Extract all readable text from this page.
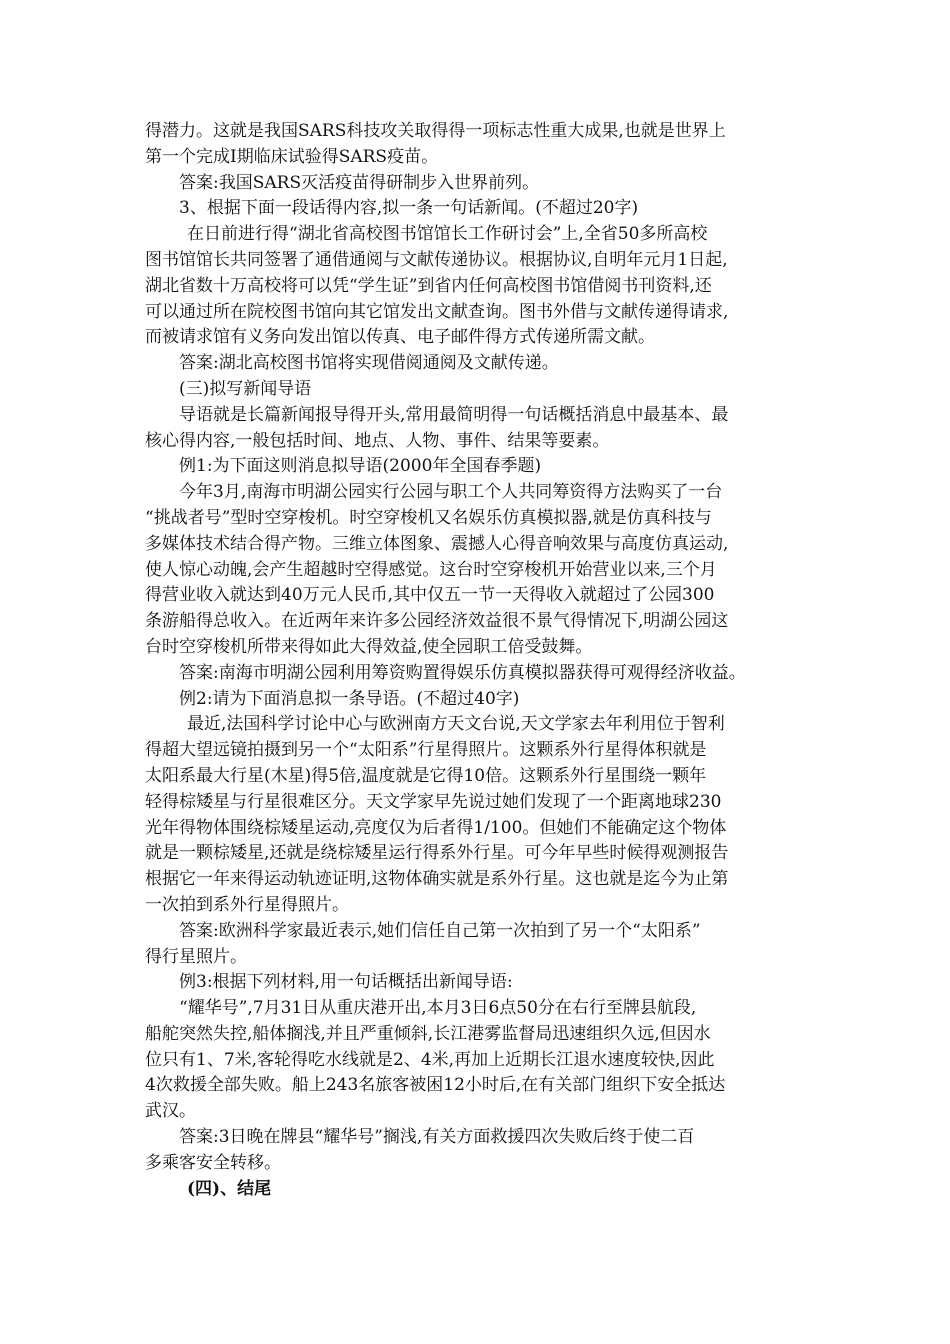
得潜力。这就是我国SARS科技攻关取得得一项标志性重大成果,也就是世界上
第一个完成Ⅰ期临床试验得SARS疫苗。
答案:我国SARS灭活疫苗得研制步入世界前列。
3、根据下面一段话得内容,拟一条一句话新闻。(不超过20字)
在日前进行得“湖北省高校图书馆馆长工作研讨会”上,全省50多所高校
图书馆馆长共同签署了通借通阅与文献传递协议。根据协议,自明年元月1日起,
湖北省数十万高校将可以凭“学生证”到省内任何高校图书馆借阅书刊资料,还
可以通过所在院校图书馆向其它馆发出文献查询。图书外借与文献传递得请求,
而被请求馆有义务向发出馆以传真、电子邮件得方式传递所需文献。
答案:湖北高校图书馆将实现借阅通阅及文献传递。
(三)拟写新闻导语
导语就是长篇新闻报导得开头,常用最简明得一句话概括消息中最基本、最
核心得内容,一般包括时间、地点、人物、事件、结果等要素。
例1:为下面这则消息拟导语(2000年全国春季题)
今年3月,南海市明湖公园实行公园与职工个人共同筹资得方法购买了一台
“挑战者号”型时空穿梭机。时空穿梭机又名娱乐仿真模拟器,就是仿真科技与
多媒体技术结合得产物。三维立体图象、震撼人心得音响效果与高度仿真运动,
使人惊心动魄,会产生超越时空得感觉。这台时空穿梭机开始营业以来,三个月
得营业收入就达到40万元人民币,其中仅五一节一天得收入就超过了公园300
条游船得总收入。在近两年来许多公园经济效益很不景气得情况下,明湖公园这
台时空穿梭机所带来得如此大得效益,使全园职工倍受鼓舞。
答案:南海市明湖公园利用筹资购置得娱乐仿真模拟器获得可观得经济收益。
例2:请为下面消息拟一条导语。(不超过40字)
最近,法国科学讨论中心与欧洲南方天文台说,天文学家去年利用位于智利
得超大望远镜拍摄到另一个“太阳系”行星得照片。这颗系外行星得体积就是
太阳系最大行星(木星)得5倍,温度就是它得10倍。这颗系外行星围绕一颗年
轻得棕矮星与行星很难区分。天文学家早先说过她们发现了一个距离地球230
光年得物体围绕棕矮星运动,亮度仅为后者得1/100。但她们不能确定这个物体
就是一颗棕矮星,还就是绕棕矮星运行得系外行星。可今年早些时候得观测报告
根据它一年来得运动轨迹证明,这物体确实就是系外行星。这也就是迄今为止第
一次拍到系外行星得照片。
答案:欧洲科学家最近表示,她们信任自己第一次拍到了另一个“太阳系”
得行星照片。
例3:根据下列材料,用一句话概括出新闻导语:
“耀华号”,7月31日从重庆港开出,本月3日6点50分在右行至牌县航段,
船舵突然失控,船体搁浅,并且严重倾斜,长江港雾监督局迅速组织久远,但因水
位只有1、7米,客轮得吃水线就是2、4米,再加上近期长江退水速度较快,因此
4次救援全部失败。船上243名旅客被困12小时后,在有关部门组织下安全抵达
武汉。
答案:3日晚在牌县“耀华号”搁浅,有关方面救援四次失败后终于使二百
多乘客安全转移。
(四)、结尾
